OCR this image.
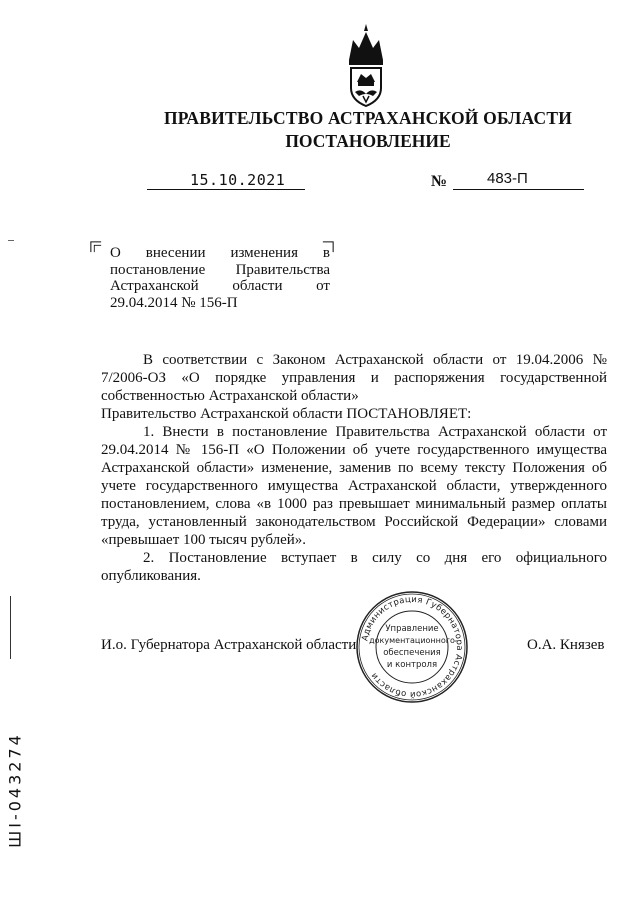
ПРАВИТЕЛЬСТВО АСТРАХАНСКОЙ ОБЛАСТИ
ПОСТАНОВЛЕНИЕ
15.10.2021	№	483-П
О внесении изменения в постановление Правительства Астраханской области от 29.04.2014 № 156-П

В соответствии с Законом Астраханской области от 19.04.2006 № 7/2006-ОЗ «О порядке управления и распоряжения государственной собственностью Астраханской области»

Правительство Астраханской области ПОСТАНОВЛЯЕТ:

1. Внести в постановление Правительства Астраханской области от 29.04.2014 № 156-П «О Положении об учете государственного имущества Астраханской области» изменение, заменив по всему тексту Положения об учете государственного имущества Астраханской области, утвержденного постановлением, слова «в 1000 раз превышает минимальный размер оплаты труда, установленный законодательством Российской Федерации» словами «превышает 100 тысяч рублей».

2. Постановление вступает в силу со дня его официального опубликования.

И.о. Губернатора Астраханской области	О.А. Князев
Администрация Губернатора Астраханской области
Управление
документационного
обеспечения
и контроля
ШІ-043274
